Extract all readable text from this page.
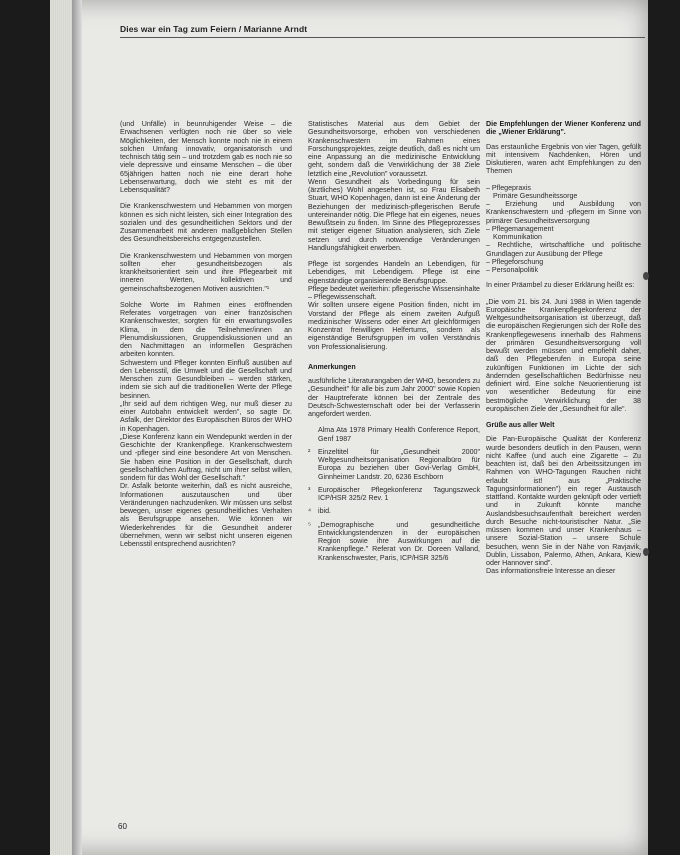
Dies war ein Tag zum Feiern / Marianne Arndt

(und Unfälle) in beunruhigender Weise – die Erwachsenen verfügten noch nie über so viele Möglichkeiten, der Mensch konnte noch nie in einem solchen Umfang innovativ, organisatorisch und technisch tätig sein – und trotzdem gab es noch nie so viele depressive und einsame Menschen – die über 65jährigen hatten noch nie eine derart hohe Lebenserwartung, doch wie steht es mit der Lebensqualität?

Die Krankenschwestern und Hebammen von morgen können es sich nicht leisten, sich einer Integration des sozialen und des gesundheitlichen Sektors und der Zusammenarbeit mit anderen maßgeblichen Stellen des Gesundheitsbereichs entgegenzustellen.

Die Krankenschwestern und Hebammen von morgen sollten eher gesundheitsbezogen als krankheitsorientiert sein und ihre Pflegearbeit mit inneren Werten, kollektiven und gemeinschaftsbezogenen Motiven ausrichten."¹

Solche Worte im Rahmen eines eröffnenden Referates vorgetragen von einer französischen Krankenschwester, sorgten für ein erwartungsvolles Klima, in dem die Teilnehmer/innen an Plenumdiskussionen, Gruppendiskussionen und an den Nachmittagen an informellen Gesprächen arbeiten konnten.

Schwestern und Pfleger konnten Einfluß ausüben auf den Lebensstil, die Umwelt und die Gesellschaft und Menschen zum Gesundbleiben – werden stärken, indem sie sich auf die traditionellen Werte der Pflege besinnen.

„Ihr seid auf dem richtigen Weg, nur muß dieser zu einer Autobahn entwickelt werden", so sagte Dr. Asfalk, der Direktor des Europäischen Büros der WHO in Kopenhagen.

„Diese Konferenz kann ein Wendepunkt werden in der Geschichte der Krankenpflege. Krankenschwestern und -pfleger sind eine besondere Art von Menschen. Sie haben eine Position in der Gesellschaft, durch gesellschaftlichen Auftrag, nicht um ihrer selbst willen, sondern für das Wohl der Gesellschaft."

Dr. Asfalk betonte weiterhin, daß es nicht ausreiche, Informationen auszutauschen und über Veränderungen nachzudenken. Wir müssen uns selbst bewegen, unser eigenes gesundheitliches Verhalten als Berufsgruppe ansehen. Wie können wir Wiederkehrendes für die Gesundheit anderer übernehmen, wenn wir selbst nicht unseren eigenen Lebensstil entsprechend ausrichten?

Statistisches Material aus dem Gebiet der Gesundheitsvorsorge, erhoben von verschiedenen Krankenschwestern im Rahmen eines Forschungsprojektes, zeigte deutlich, daß es nicht um eine Anpassung an die medizinische Entwicklung geht, sondern daß die Verwirklichung der 38 Ziele letztlich eine „Revolution" voraussetzt.

Wenn Gesundheit als Vorbedingung für sein (ärztliches) Wohl angesehen ist, so Frau Elisabeth Stuart, WHO Kopenhagen, dann ist eine Änderung der Beziehungen der medizinisch-pflegerischen Berufe untereinander nötig. Die Pflege hat ein eigenes, neues Bewußtsein zu finden. Im Sinne des Pflegeprozesses mit stetiger eigener Situation analysieren, sich Ziele setzen und durch notwendige Veränderungen Handlungsfähigkeit erwerben.

Pflege ist sorgendes Handeln an Lebendigen, für Lebendiges, mit Lebendigem. Pflege ist eine eigenständige organisierende Berufsgruppe.

Pflege bedeutet weiterhin: pflegerische Wissensinhalte – Pflegewissenschaft.

Wir sollten unsere eigene Position finden, nicht im Vorstand der Pflege als einem zweiten Aufguß medizinischer Wissens oder einer Art gleichförmigen Konzentrat freiwilligen Helfertums, sondern als eigenständige Berufsgruppen im vollen Verständnis von Professionalisierung.

Anmerkungen

ausführliche Literaturangaben der WHO, besonders zu „Gesundheit" für alle bis zum Jahr 2000" sowie Kopien der Hauptreferate können bei der Zentrale des Deutsch-Schwesternschaft oder bei der Verfasserin angefordert werden.

Alma Ata 1978 Primary Health Conference Report, Genf 1987
² Einzeltitel für „Gesundheit 2000" Weltgesundheitsorganisation Regionalbüro für Europa zu beziehen über Govi-Verlag GmbH, Ginnheimer Landstr. 20, 6236 Eschborn
³ Europäischer Pflegekonferenz Tagungszweck ICP/HSR 325/2 Rev. 1
⁴ ibid.
⁵ „Demographische und gesundheitliche Entwicklungstendenzen in der europäischen Region sowie ihre Auswirkungen auf die Krankenpflege." Referat von Dr. Doreen Valland, Krankenschwester, Paris, ICP/HSR 325/6
Die Empfehlungen der Wiener Konferenz und die „Wiener Erklärung".

Das erstaunliche Ergebnis von vier Tagen, gefüllt mit intensivem Nachdenken, Hören und Diskutieren, waren acht Empfehlungen zu den Themen

– Pflegepraxis
Primäre Gesundheitssorge
– Erziehung und Ausbildung von Krankenschwestern und -pflegern im Sinne von primärer Gesundheitsversorgung
– Pflegemanagement
Kommunikation
– Rechtliche, wirtschaftliche und politische Grundlagen zur Ausübung der Pflege
– Pflegeforschung
– Personalpolitik

In einer Präambel zu dieser Erklärung heißt es:

„Die vom 21. bis 24. Juni 1988 in Wien tagende Europäische Krankenpflegekonferenz der Weltgesundheitsorganisation ist überzeugt, daß die europäischen Regierungen sich der Rolle des Krankenpflegewesens innerhalb des Rahmens der primären Gesundheitsversorgung voll bewußt werden müssen und empfiehlt daher, daß den Pflegeberufen in Europa seine zukünftigen Funktionen im Lichte der sich ändernden gesellschaftlichen Bedürfnisse neu definiert wird. Eine solche Neuorientierung ist von wesentlicher Bedeutung für eine bestmögliche Verwirklichung der 38 europäischen Ziele der „Gesundheit für alle".

Grüße aus aller Welt

Die Pan-Europäische Qualität der Konferenz wurde besonders deutlich in den Pausen, wenn nicht Kaffee (und auch eine Zigarette – Zu beachten ist, daß bei den Arbeitssitzungen im Rahmen von WHO-Tagungen Rauchen nicht erlaubt ist! aus „Praktische Tagungsinformationen") ein reger Austausch stattfand. Kontakte wurden geknüpft oder vertieft und in Zukunft könnte manche Auslandsbesuchsaufenthalt bereichert werden durch Besuche nicht-touristischer Natur. „Sie müssen kommen und unser Krankenhaus – unsere Sozial-Station – unsere Schule besuchen, wenn Sie in der Nähe von Ravjavik, Dublin, Lissabon, Palermo, Athen, Ankara, Kiew oder Hannover sind".

Das informationsfreie Interesse an dieser

60
